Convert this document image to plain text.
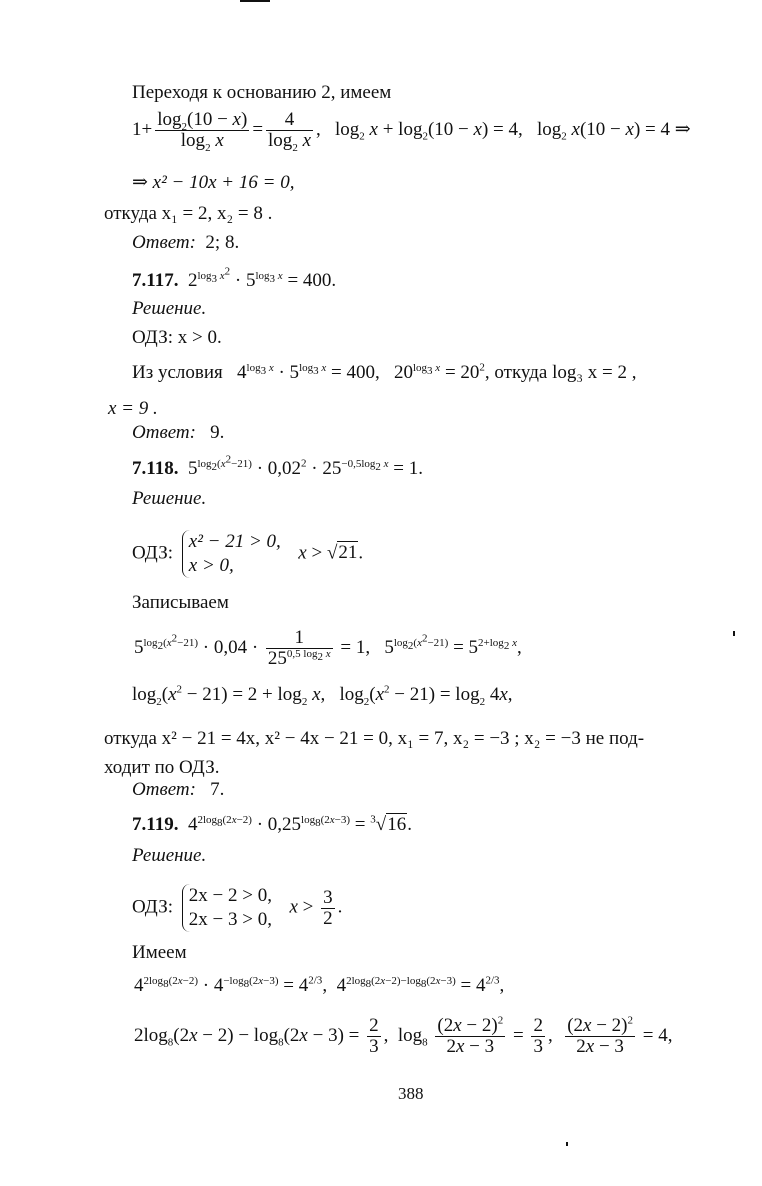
Переходя к основанию 2, имеем
$1+ \frac{\log_2(10 - x)}{\log_2 x} = \frac{4}{\log_2 x}$ ,   $\log_2 x + \log_2(10 - x) = 4$,   $\log_2 x(10 - x) = 4$ ⇒
⇒ x² − 10x + 16 = 0,
откуда x₁ = 2, x₂ = 8 .
Ответ: 2; 8.
7.117.  $2^{log_3 x^2} \cdot 5^{log_3 x} = 400$.
Решение.
ОДЗ: x > 0.
Из условия   $4^{log_3 x} \cdot 5^{log_3 x} = 400$,   $20^{log_3 x} = 20^2$, откуда log₃ x = 2 ,
x = 9 .
Ответ: 9.
7.118.  $5^{log_2(x^2-21)} \cdot 0,02^2 \cdot 25^{-0,5log_2 x} = 1$.
Решение.
ОДЗ:
x² − 21 > 0,
x > 0,
x > √21.
Записываем
$5^{log_2(x^2-21)} \cdot 0,04 \cdot \frac{1}{25^{0,5 log_2 x}} = 1$,   $5^{log_2(x^2-21)} = 5^{2+log_2 x}$,
$\log_2(x^2 - 21) = 2 + \log_2 x$,   $\log_2(x^2 - 21) = \log_2 4x$,
откуда x² − 21 = 4x, x² − 4x − 21 = 0, x₁ = 7, x₂ = −3 ; x₂ = −3 не под-
ходит по ОДЗ.
Ответ: 7.
7.119.  $4^{2log_8(2x-2)} \cdot 0,25^{log_8(2x-3)} = ^3√16$.
Решение.
ОДЗ:
2x − 2 > 0,
2x − 3 > 0,
$x > \frac{3}{2}$ .
Имеем
$4^{2log_8(2x-2)} \cdot 4^{-log_8(2x-3)} = 4^{2/3}$,  $4^{2log_8(2x-2)-log_8(2x-3)} = 4^{2/3}$,
$2\log_8(2x - 2) - \log_8(2x - 3) = \frac{2}{3}$ ,  $\log_8 \frac{(2x - 2)^2}{2x - 3} = \frac{2}{3}$ , $\frac{(2x - 2)^2}{2x - 3} = 4$,
388
